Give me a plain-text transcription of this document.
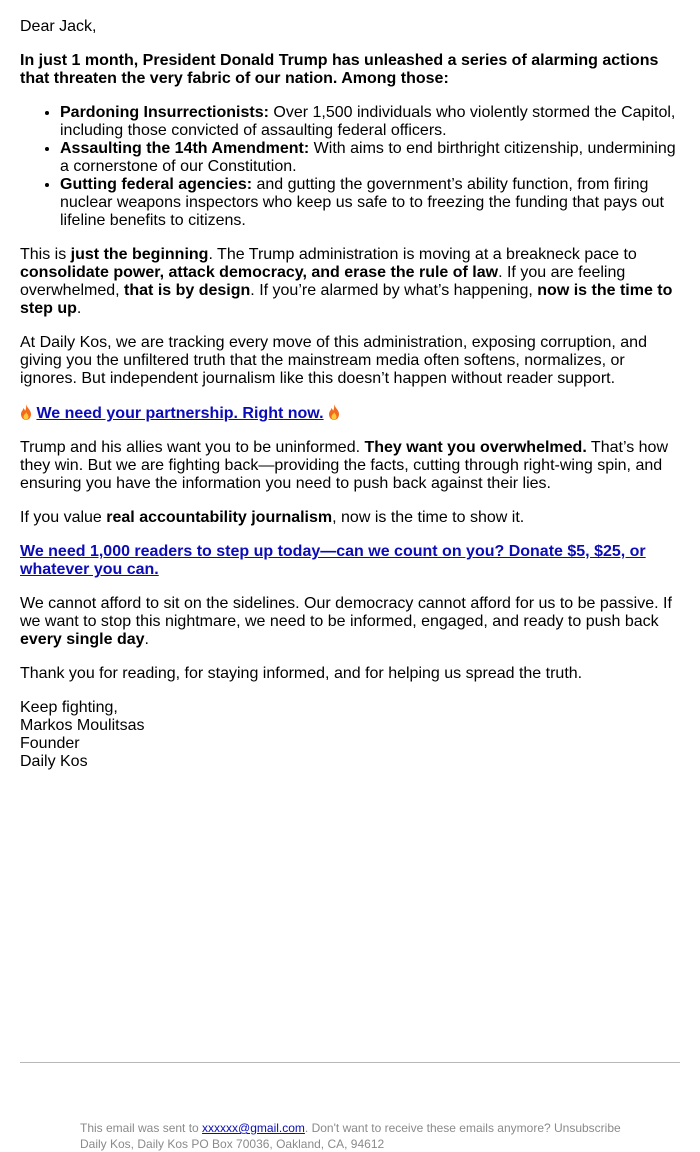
Dear Jack,

In just 1 month, President Donald Trump has unleashed a series of alarming actions that threaten the very fabric of our nation. Among those:

• Pardoning Insurrectionists: Over 1,500 individuals who violently stormed the Capitol, including those convicted of assaulting federal officers.
• Assaulting the 14th Amendment: With aims to end birthright citizenship, undermining a cornerstone of our Constitution.
• Gutting federal agencies: and gutting the government’s ability function, from firing nuclear weapons inspectors who keep us safe to to freezing the funding that pays out lifeline benefits to citizens.

This is just the beginning. The Trump administration is moving at a breakneck pace to consolidate power, attack democracy, and erase the rule of law. If you are feeling overwhelmed, that is by design. If you’re alarmed by what’s happening, now is the time to step up.

At Daily Kos, we are tracking every move of this administration, exposing corruption, and giving you the unfiltered truth that the mainstream media often softens, normalizes, or ignores. But independent journalism like this doesn’t happen without reader support.

We need your partnership. Right now.

Trump and his allies want you to be uninformed. They want you overwhelmed. That’s how they win. But we are fighting back—providing the facts, cutting through right-wing spin, and ensuring you have the information you need to push back against their lies.

If you value real accountability journalism, now is the time to show it.

We need 1,000 readers to step up today—can we count on you? Donate $5, $25, or whatever you can.

We cannot afford to sit on the sidelines. Our democracy cannot afford for us to be passive. If we want to stop this nightmare, we need to be informed, engaged, and ready to push back every single day.

Thank you for reading, for staying informed, and for helping us spread the truth.

Keep fighting,
Markos Moulitsas
Founder
Daily Kos

This email was sent to xxxxxx@gmail.com. Don't want to receive these emails anymore? Unsubscribe
Daily Kos, Daily Kos PO Box 70036, Oakland, CA, 94612
